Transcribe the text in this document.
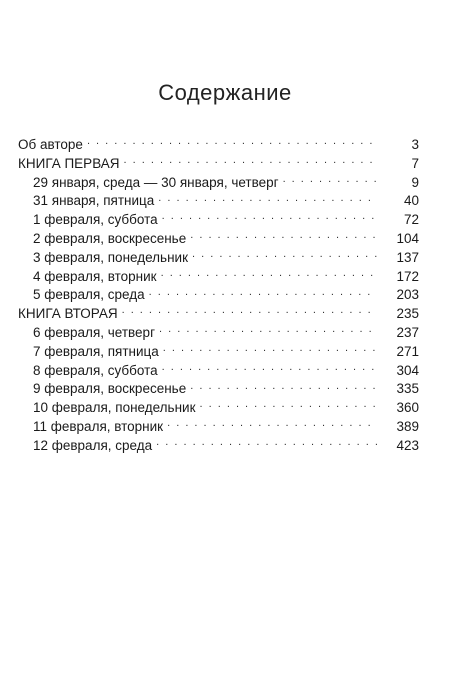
Содержание
Об авторе . . .	3
КНИГА ПЕРВАЯ . . .	7
29 января, среда — 30 января, четверг . . .	9
31 января, пятница . . .	40
1 февраля, суббота . . .	72
2 февраля, воскресенье . . .	104
3 февраля, понедельник . . .	137
4 февраля, вторник . . .	172
5 февраля, среда . . .	203
КНИГА ВТОРАЯ . . .	235
6 февраля, четверг . . .	237
7 февраля, пятница . . .	271
8 февраля, суббота . . .	304
9 февраля, воскресенье . . .	335
10 февраля, понедельник . . .	360
11 февраля, вторник . . .	389
12 февраля, среда . . .	423
